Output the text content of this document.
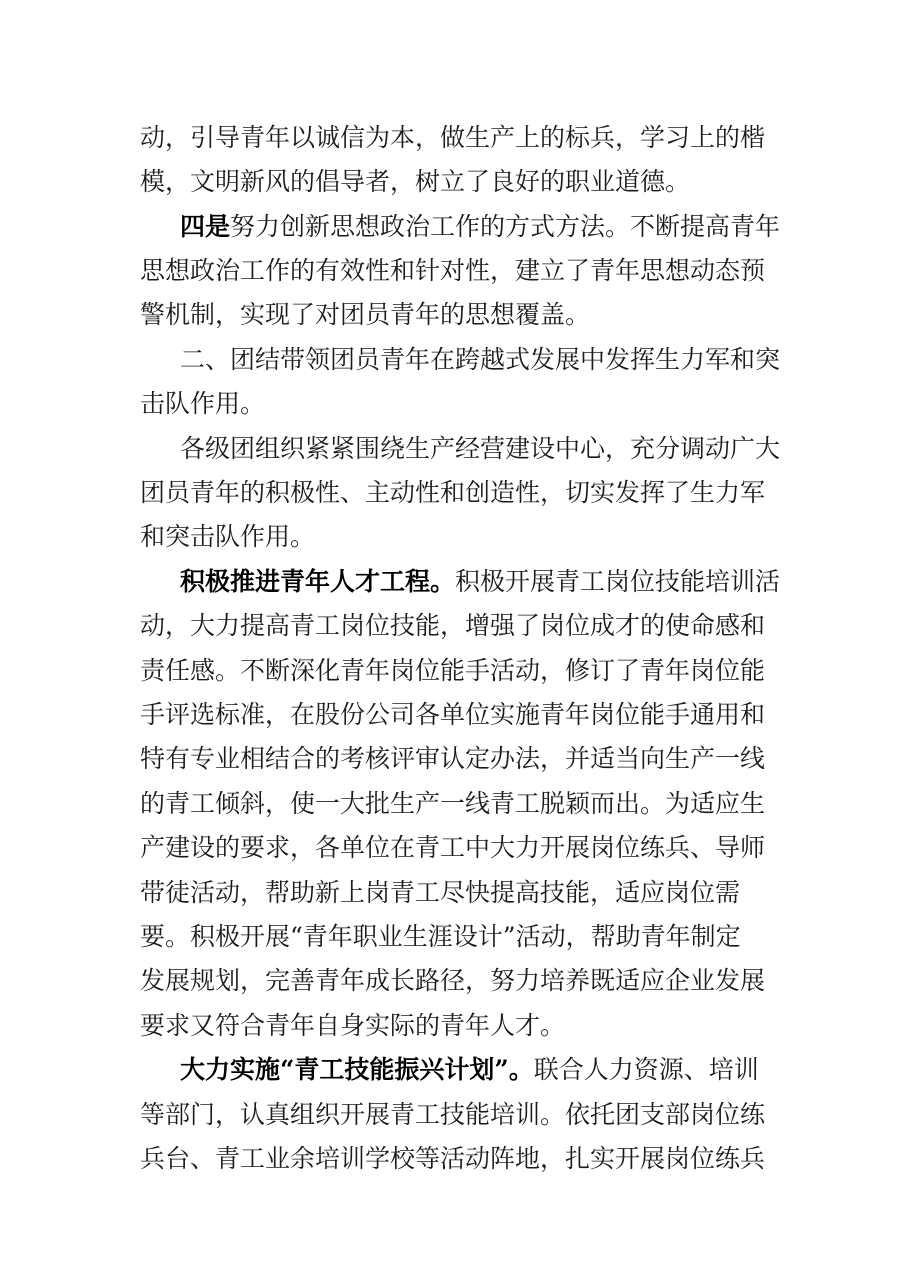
动，引导青年以诚信为本，做生产上的标兵，学习上的楷
模，文明新风的倡导者，树立了良好的职业道德。
四是努力创新思想政治工作的方式方法。不断提高青年
思想政治工作的有效性和针对性，建立了青年思想动态预
警机制，实现了对团员青年的思想覆盖。
二、团结带领团员青年在跨越式发展中发挥生力军和突
击队作用。
各级团组织紧紧围绕生产经营建设中心，充分调动广大
团员青年的积极性、主动性和创造性，切实发挥了生力军
和突击队作用。
积极推进青年人才工程。积极开展青工岗位技能培训活
动，大力提高青工岗位技能，增强了岗位成才的使命感和
责任感。不断深化青年岗位能手活动，修订了青年岗位能
手评选标准，在股份公司各单位实施青年岗位能手通用和
特有专业相结合的考核评审认定办法，并适当向生产一线
的青工倾斜，使一大批生产一线青工脱颖而出。为适应生
产建设的要求，各单位在青工中大力开展岗位练兵、导师
带徒活动，帮助新上岗青工尽快提高技能，适应岗位需
要。积极开展“青年职业生涯设计”活动，帮助青年制定
发展规划，完善青年成长路径，努力培养既适应企业发展
要求又符合青年自身实际的青年人才。
大力实施“青工技能振兴计划”。联合人力资源、培训
等部门，认真组织开展青工技能培训。依托团支部岗位练
兵台、青工业余培训学校等活动阵地，扎实开展岗位练兵
